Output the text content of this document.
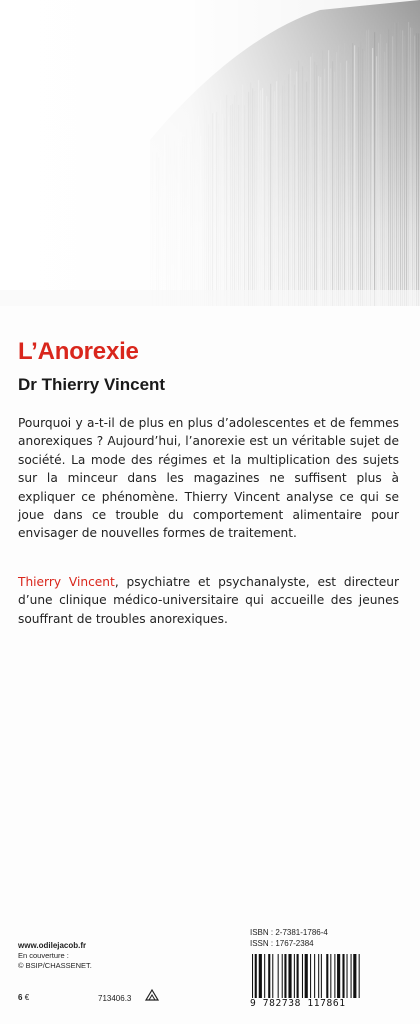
L’Anorexie
Dr Thierry Vincent

Pourquoi y a-t-il de plus en plus d’adolescentes et de femmes anorexiques ? Aujourd’hui, l’anorexie est un véritable sujet de société. La mode des régimes et la multiplication des sujets sur la minceur dans les magazines ne suffisent plus à expliquer ce phénomène. Thierry Vincent analyse ce qui se joue dans ce trouble du comportement alimentaire pour envisager de nouvelles formes de traitement.

Thierry Vincent, psychiatre et psychanalyste, est directeur d’une clinique médico-universitaire qui accueille des jeunes souffrant de troubles anorexiques.

www.odilejacob.fr
En couverture :
© BSIP/CHASSENET.
6 €	713406.3
ISBN : 2-7381-1786-4
ISSN : 1767-2384
9 782738 117861
